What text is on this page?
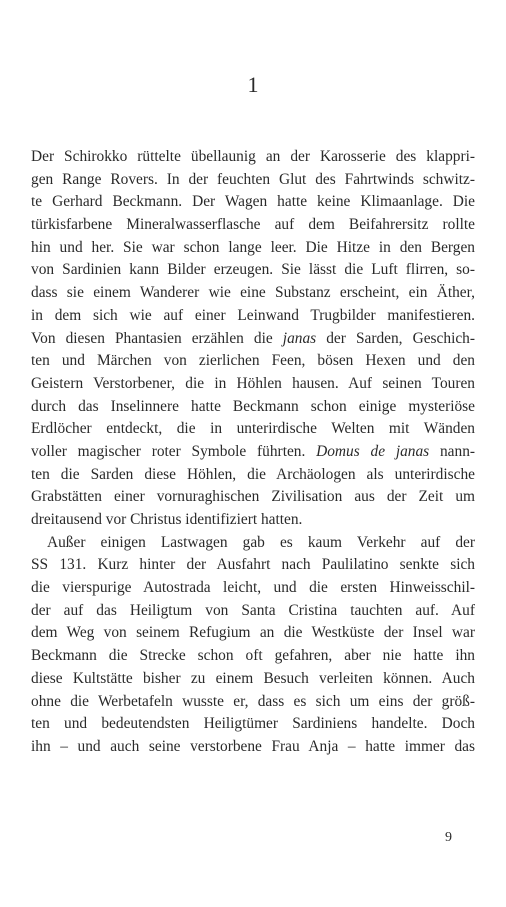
1
Der Schirokko rüttelte übellaunig an der Karosserie des klappri-
gen Range Rovers. In der feuchten Glut des Fahrtwinds schwitz-
te Gerhard Beckmann. Der Wagen hatte keine Klimaanlage. Die
türkisfarbene Mineralwasserflasche auf dem Beifahrersitz rollte
hin und her. Sie war schon lange leer. Die Hitze in den Bergen
von Sardinien kann Bilder erzeugen. Sie lässt die Luft flirren, so-
dass sie einem Wanderer wie eine Substanz erscheint, ein Äther,
in dem sich wie auf einer Leinwand Trugbilder manifestieren.
Von diesen Phantasien erzählen die janas der Sarden, Geschich-
ten und Märchen von zierlichen Feen, bösen Hexen und den
Geistern Verstorbener, die in Höhlen hausen. Auf seinen Touren
durch das Inselinnere hatte Beckmann schon einige mysteriöse
Erdlöcher entdeckt, die in unterirdische Welten mit Wänden
voller magischer roter Symbole führten. Domus de janas nann-
ten die Sarden diese Höhlen, die Archäologen als unterirdische
Grabstätten einer vornuraghischen Zivilisation aus der Zeit um
dreitausend vor Christus identifiziert hatten.
Außer einigen Lastwagen gab es kaum Verkehr auf der
SS 131. Kurz hinter der Ausfahrt nach Paulilatino senkte sich
die vierspurige Autostrada leicht, und die ersten Hinweisschil-
der auf das Heiligtum von Santa Cristina tauchten auf. Auf
dem Weg von seinem Refugium an die Westküste der Insel war
Beckmann die Strecke schon oft gefahren, aber nie hatte ihn
diese Kultstätte bisher zu einem Besuch verleiten können. Auch
ohne die Werbetafeln wusste er, dass es sich um eins der größ-
ten und bedeutendsten Heiligtümer Sardiniens handelte. Doch
ihn – und auch seine verstorbene Frau Anja – hatte immer das
9
